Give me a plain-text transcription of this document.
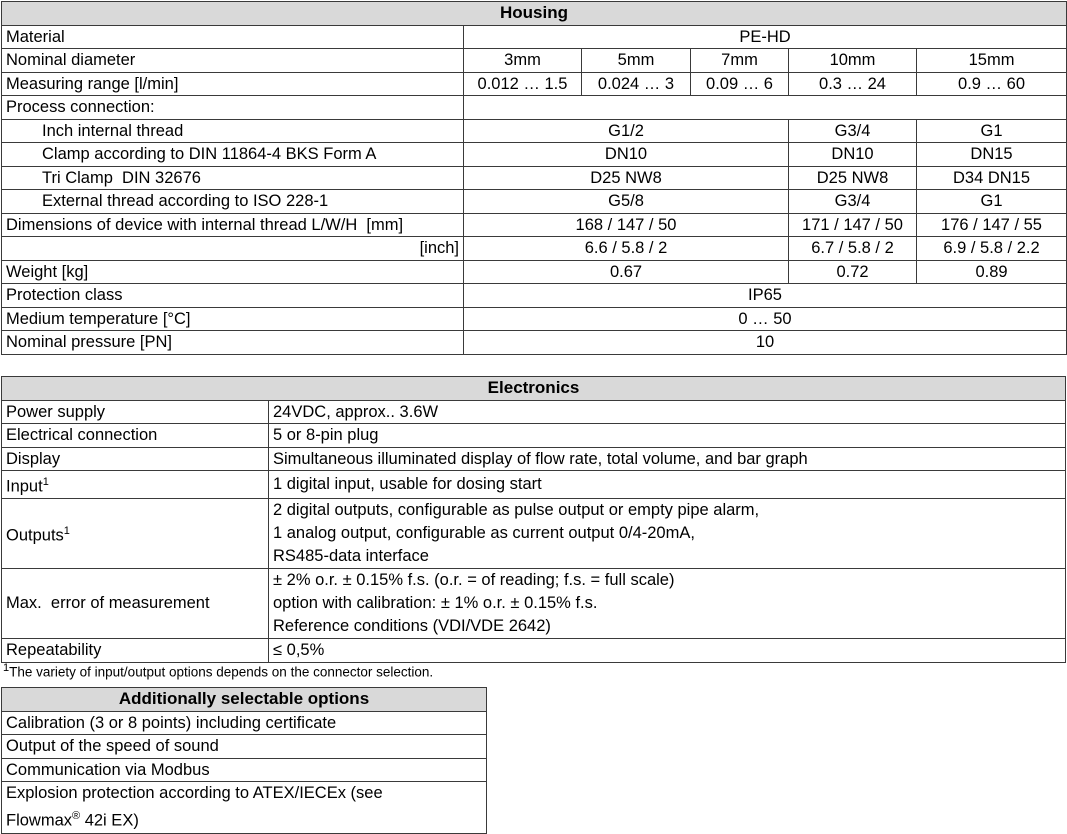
Housing					
Material	PE-HD				
Nominal diameter	3mm	5mm	7mm	10mm	15mm
Measuring range [l/min]	0.012 … 1.5	0.024 … 3	0.09 … 6	0.3 … 24	0.9 … 60
Process connection:					
Inch internal thread	G1/2			G3/4	G1
Clamp according to DIN 11864-4 BKS Form A	DN10			DN10	DN15
Tri Clamp  DIN 32676	D25 NW8			D25 NW8	D34 DN15
External thread according to ISO 228-1	G5/8			G3/4	G1
Dimensions of device with internal thread L/W/H  [mm]	168 / 147 / 50			171 / 147 / 50	176 / 147 / 55
[inch]	6.6 / 5.8 / 2			6.7 / 5.8 / 2	6.9 / 5.8 / 2.2
Weight [kg]	0.67			0.72	0.89
Protection class	IP65				
Medium temperature [°C]	0 … 50				
Nominal pressure [PN]	10				
Electronics	
Power supply	24VDC, approx.. 3.6W
Electrical connection	5 or 8-pin plug
Display	Simultaneous illuminated display of flow rate, total volume, and bar graph
Input$^1$	1 digital input, usable for dosing start
Outputs$^1$	2 digital outputs, configurable as pulse output or empty pipe alarm,
1 analog output, configurable as current output 0/4-20mA,
RS485-data interface

Max.  error of measurement	± 2% o.r. ± 0.15% f.s. (o.r. = of reading; f.s. = full scale)
option with calibration: ± 1% o.r. ± 0.15% f.s.
Reference conditions (VDI/VDE 2642)

Repeatability	≤ 0,5%
$^1$The variety of input/output options depends on the connector selection.
Additionally selectable options
Calibration (3 or 8 points) including certificate
Output of the speed of sound
Communication via Modbus

Explosion protection according to ATEX/IECEx (see
Flowmax® 42i EX)
